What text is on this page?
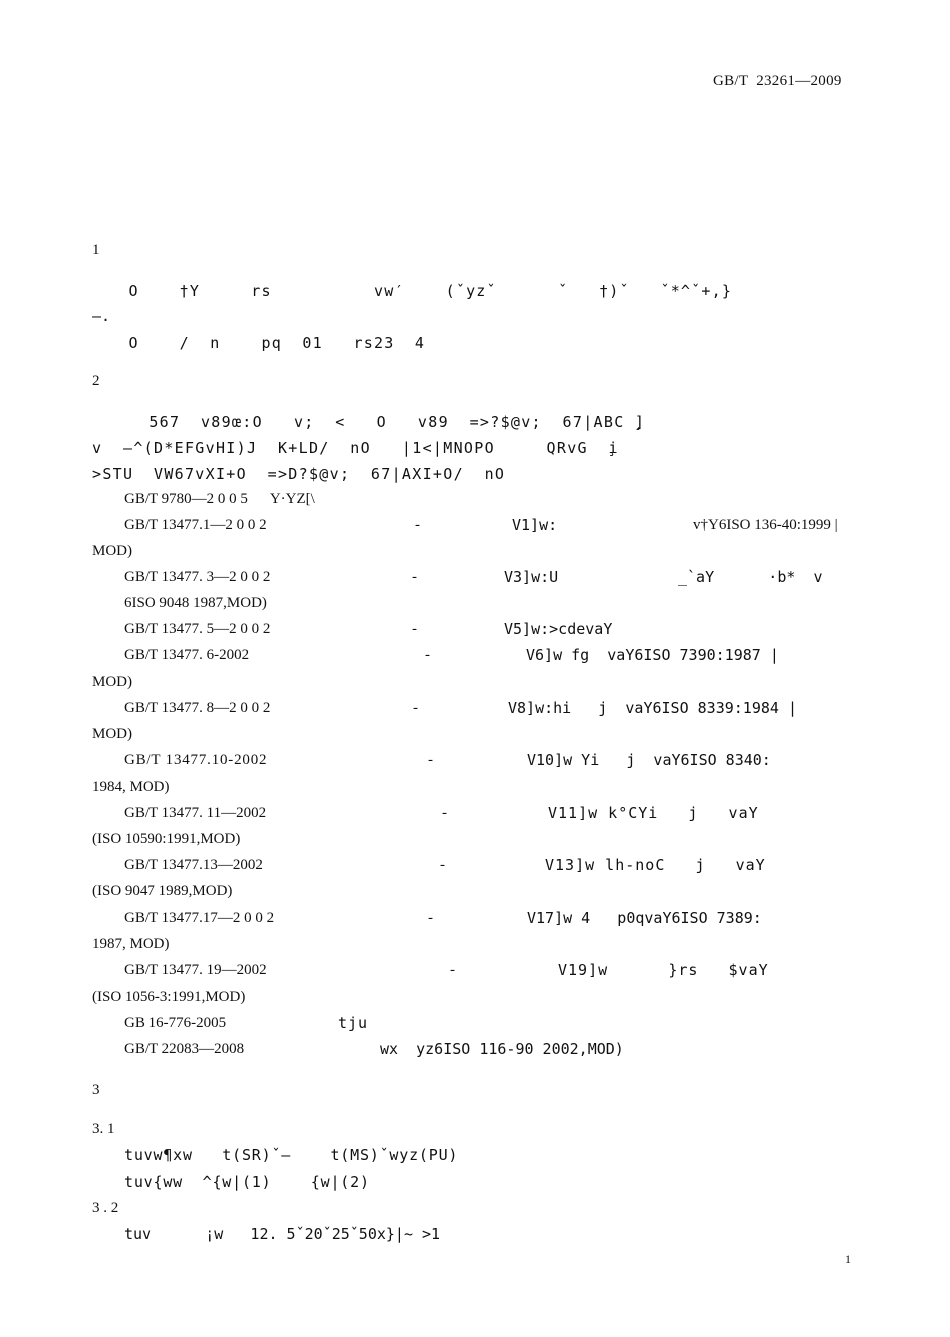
GB/T  23261—2009
1
O    †Y     rs          vw′    (ˇyzˇ      ˇ   †)ˇ   ˇ*^ˇ+,}
—.
O    /  n    pq  01   rs23  4
2
567  v89œ:O   v;  <   O   v89  =>?$@v;  67|ABC ̧]
v  —^(D*EFGvHI)J  K+LD/  nO   |1<|MNOPO     QRvG  ̧i
>STU  VW67vXI+O  =>D?$@v;  67|AXI+O/  nO
GB/T 9780—2 0 0 5      Y·YZ[\
GB/T 13477.1—2 0 0 2	-	V1]w:	v†Y6ISO 136-40:1999 |
MOD)
GB/T 13477. 3—2 0 0 2	-	V3]w:U	_`aY      ·b*  v
6ISO 9048 1987,MOD)
GB/T 13477. 5—2 0 0 2	-	V5]w:>cdevaY
GB/T 13477. 6-2002	-	V6]w fg  vaY6ISO 7390:1987 |
MOD)
GB/T 13477. 8—2 0 0 2	-	V8]w:hi   j  vaY6ISO 8339:1984 |
MOD)
GB/T 13477.10-2002	-	V10]w Yi   j  vaY6ISO 8340:
1984, MOD)
GB/T 13477. 11—2002	-	V11]w k°CYi   j   vaY
(ISO 10590:1991,MOD)
GB/T 13477.13—2002	-	V13]w lh-noC   j   vaY
(ISO 9047 1989,MOD)
GB/T 13477.17—2 0 0 2	-	V17]w 4   p0qvaY6ISO 7389:
1987, MOD)
GB/T 13477. 19—2002	-	V19]w      }rs   $vaY
(ISO 1056-3:1991,MOD)
GB 16-776-2005	tju
GB/T 22083—2008	wx  yz6ISO 116-90 2002,MOD)
3
3. 1
tuvw¶xw   t(SR)ˇ—    t(MS)ˇwyz(PU)
tuv{ww  ^{w|(1)    {w|(2)
3 . 2
tuv      ¡w   12. 5ˇ20ˇ25ˇ50x}|~ >1
1
